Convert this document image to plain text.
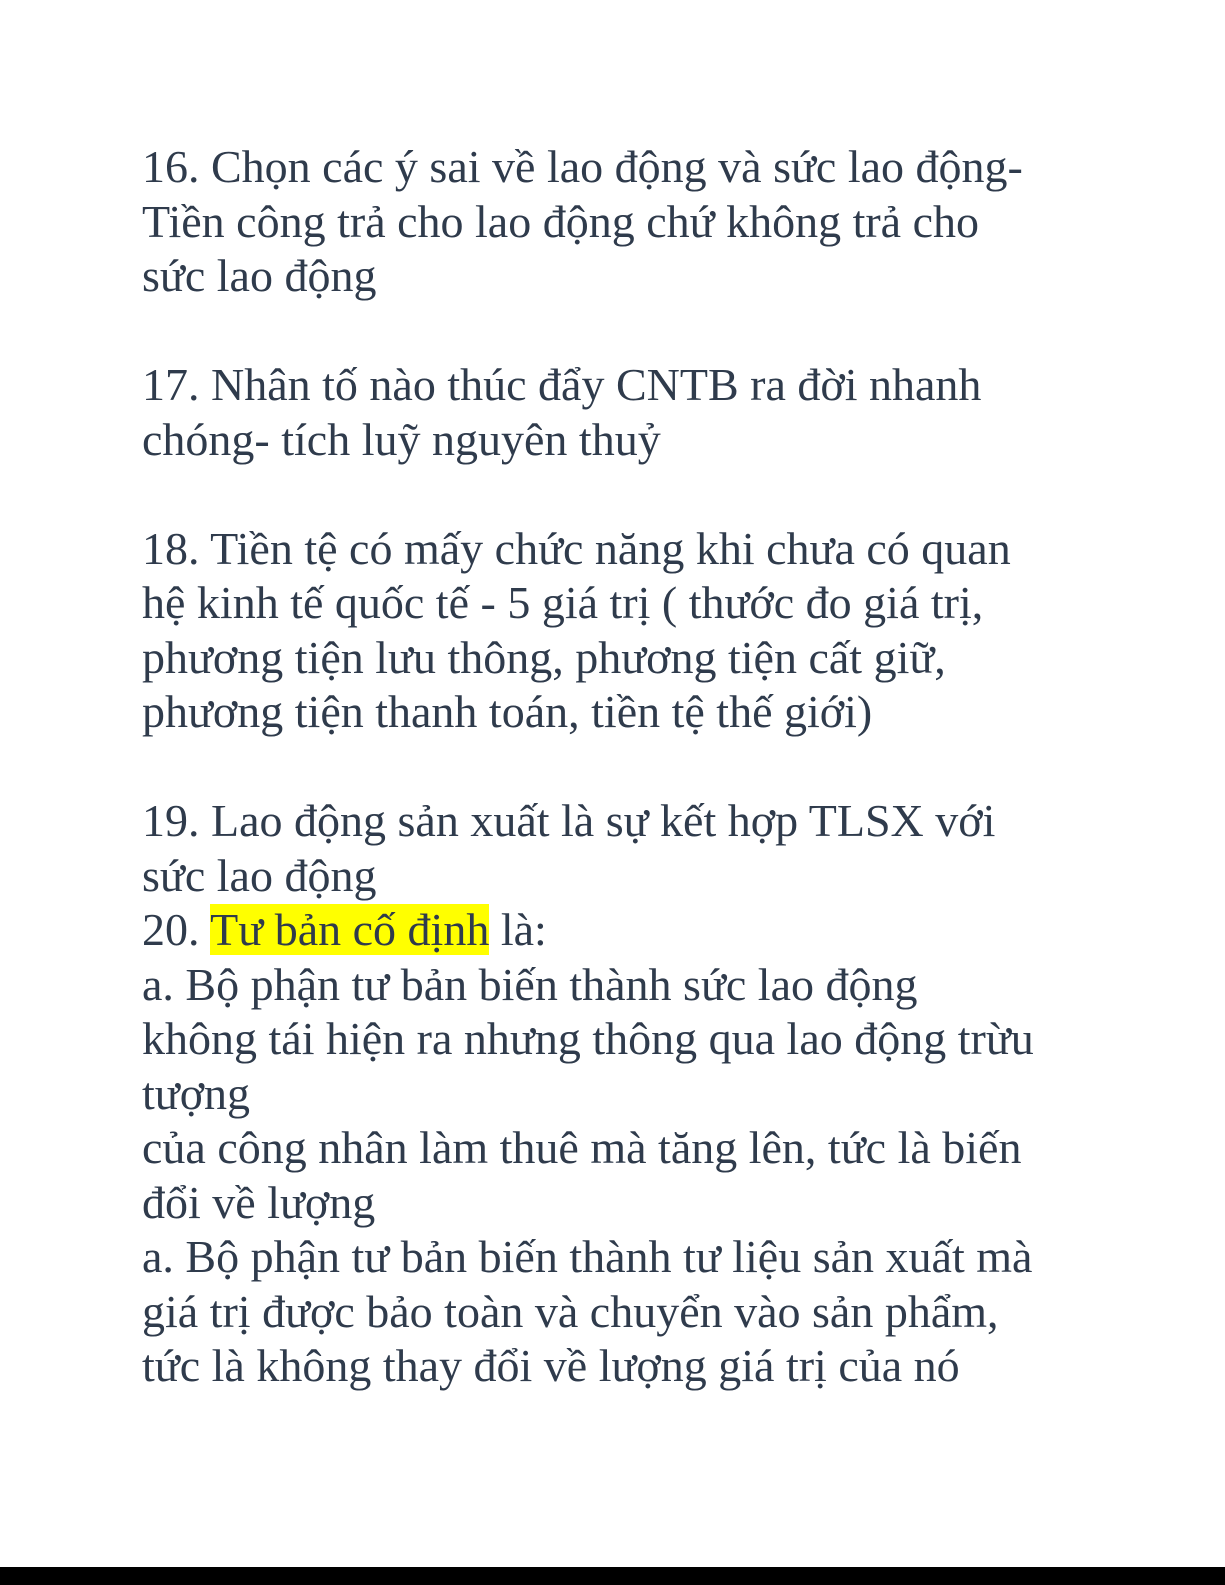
16. Chọn các ý sai về lao động và sức lao động-
Tiền công trả cho lao động chứ không trả cho
sức lao động
17. Nhân tố nào thúc đẩy CNTB ra đời nhanh
chóng- tích luỹ nguyên thuỷ
18. Tiền tệ có mấy chức năng khi chưa có quan
hệ kinh tế quốc tế - 5 giá trị ( thước đo giá trị,
phương tiện lưu thông, phương tiện cất giữ,
phương tiện thanh toán, tiền tệ thế giới)
19. Lao động sản xuất là sự kết hợp TLSX với
sức lao động
20. Tư bản cố định là:
a. Bộ phận tư bản biến thành sức lao động
không tái hiện ra nhưng thông qua lao động trừu
tượng
của công nhân làm thuê mà tăng lên, tức là biến
đổi về lượng
a. Bộ phận tư bản biến thành tư liệu sản xuất mà
giá trị được bảo toàn và chuyển vào sản phẩm,
tức là không thay đổi về lượng giá trị của nó
